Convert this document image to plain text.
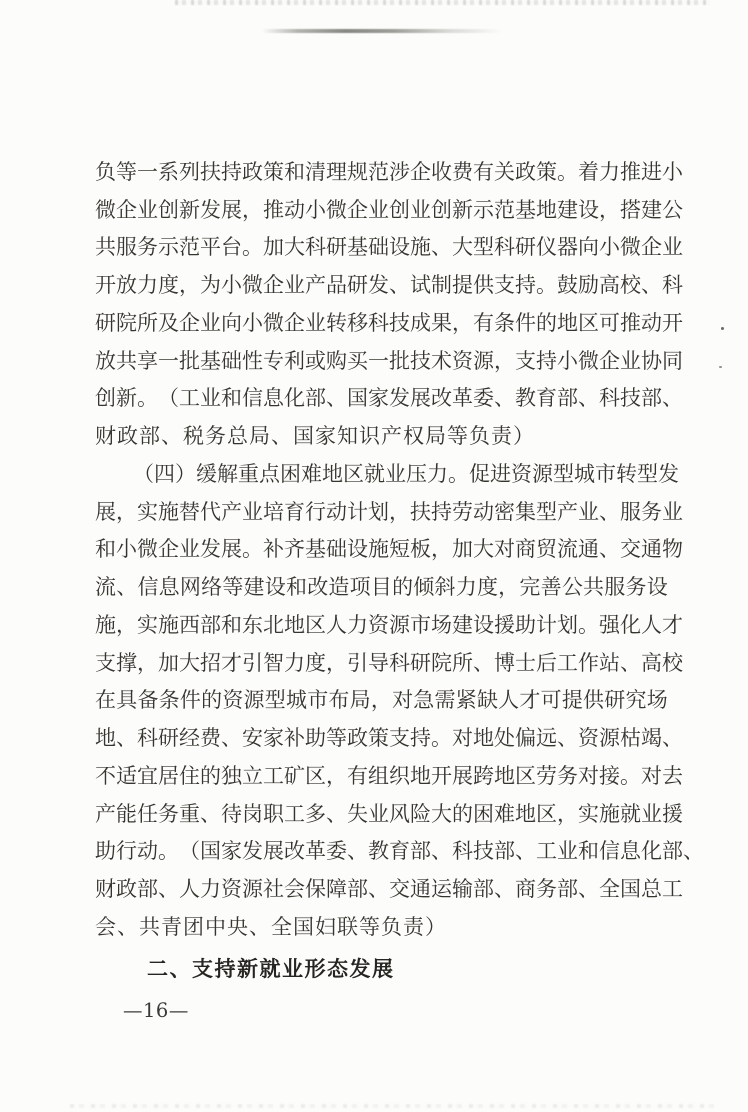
负 等 一 系 列 扶 持 政 策 和 清 理 规 范 涉 企 收 费 有 关 政 策 。 着 力 推 进 小
微 企 业 创 新 发 展 ， 推 动 小 微 企 业 创 业 创 新 示 范 基 地 建 设 ， 搭 建 公
共 服 务 示 范 平 台 。 加 大 科 研 基 础 设 施 、 大 型 科 研 仪 器 向 小 微 企 业
开 放 力 度 ， 为 小 微 企 业 产 品 研 发 、 试 制 提 供 支 持 。 鼓 励 高 校 、 科
研 院 所 及 企 业 向 小 微 企 业 转 移 科 技 成 果 ， 有 条 件 的 地 区 可 推 动 开
放 共 享 一 批 基 础 性 专 利 或 购 买 一 批 技 术 资 源 ， 支 持 小 微 企 业 协 同
创 新 。 （ 工 业 和 信 息 化 部 、 国 家 发 展 改 革 委 、 教 育 部 、 科 技 部 、
财政部、税务总局、国家知识产权局等负责）
（ 四 ） 缓 解 重 点 困 难 地 区 就 业 压 力 。 促 进 资 源 型 城 市 转 型 发
展 ， 实 施 替 代 产 业 培 育 行 动 计 划 ， 扶 持 劳 动 密 集 型 产 业 、 服 务 业
和 小 微 企 业 发 展 。 补 齐 基 础 设 施 短 板 ， 加 大 对 商 贸 流 通 、 交 通 物
流 、 信 息 网 络 等 建 设 和 改 造 项 目 的 倾 斜 力 度 ， 完 善 公 共 服 务 设
施 ， 实 施 西 部 和 东 北 地 区 人 力 资 源 市 场 建 设 援 助 计 划 。 强 化 人 才
支 撑 ， 加 大 招 才 引 智 力 度 ， 引 导 科 研 院 所 、 博 士 后 工 作 站 、 高 校
在 具 备 条 件 的 资 源 型 城 市 布 局 ， 对 急 需 紧 缺 人 才 可 提 供 研 究 场
地 、 科 研 经 费 、 安 家 补 助 等 政 策 支 持 。 对 地 处 偏 远 、 资 源 枯 竭 、
不 适 宜 居 住 的 独 立 工 矿 区 ， 有 组 织 地 开 展 跨 地 区 劳 务 对 接 。 对 去
产 能 任 务 重 、 待 岗 职 工 多 、 失 业 风 险 大 的 困 难 地 区 ， 实 施 就 业 援
助 行 动 。 （ 国 家 发 展 改 革 委 、 教 育 部 、 科 技 部 、 工 业 和 信 息 化 部 、
财 政 部 、 人 力 资 源 社 会 保 障 部 、 交 通 运 输 部 、 商 务 部 、 全 国 总 工
会、共青团中央、全国妇联等负责）
二、支持新就业形态发展
—16—
